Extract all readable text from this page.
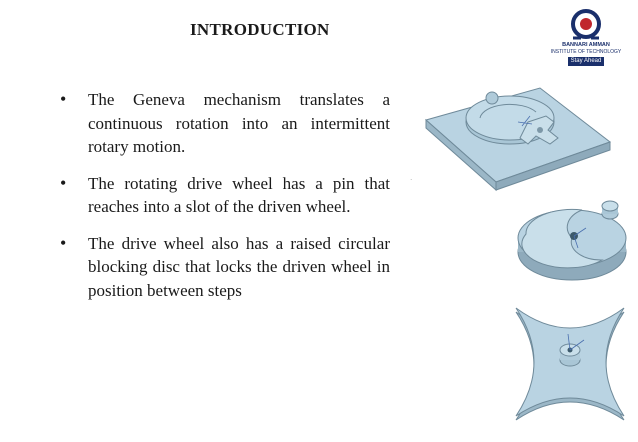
INTRODUCTION
BANNARI AMMAN
INSTITUTE OF TECHNOLOGY
Stay Ahead
• The Geneva mechanism translates a continuous rotation into an intermittent rotary motion.
• The rotating drive wheel has a pin that reaches into a slot of the driven wheel.
• The drive wheel also has a raised circular blocking disc that locks the driven wheel in position between steps
·
